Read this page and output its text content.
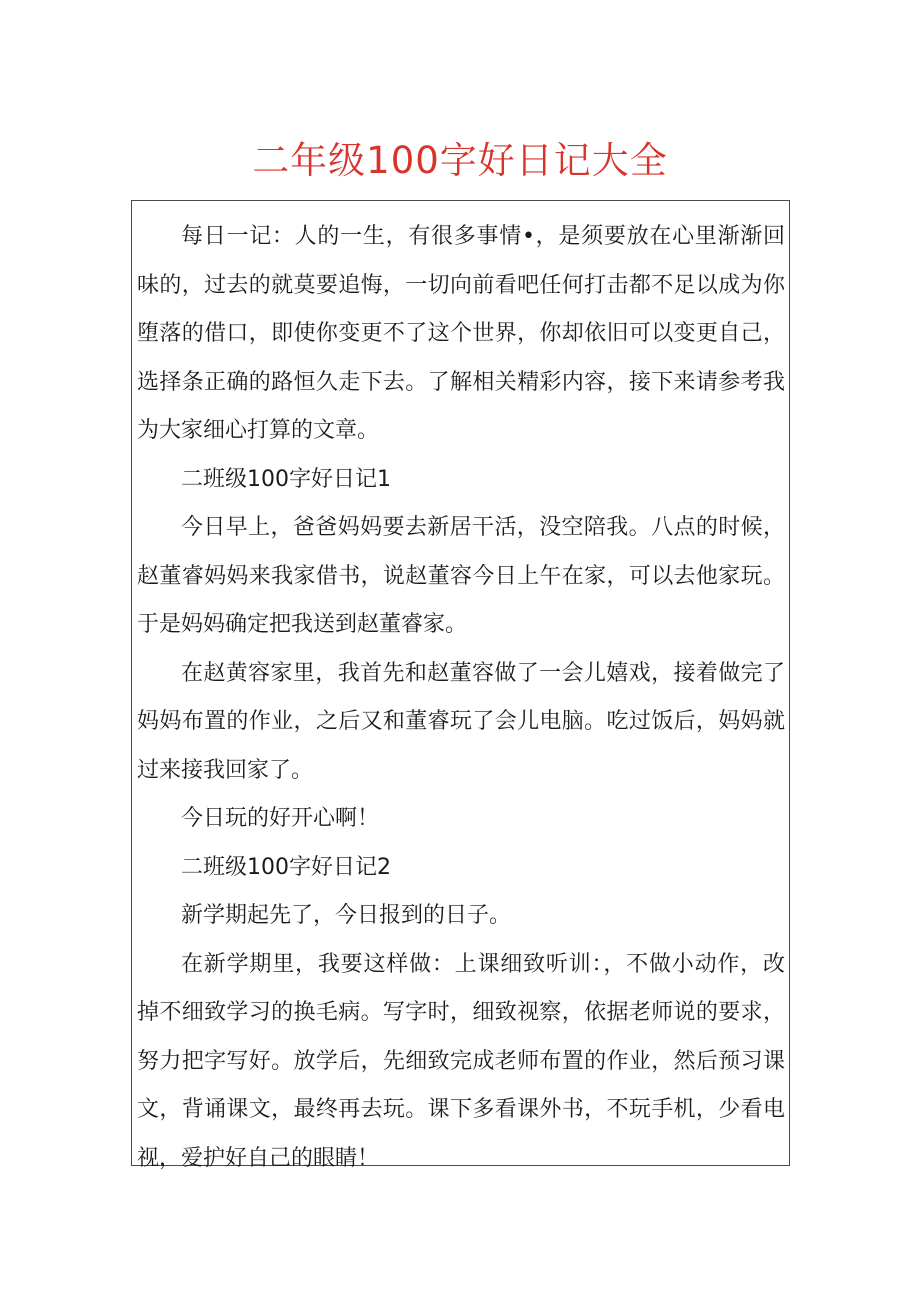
二年级100字好日记大全

每日一记：人的一生，有很多事情•，是须要放在心里渐渐回味的，过去的就莫要追悔，一切向前看吧任何打击都不足以成为你堕落的借口，即使你变更不了这个世界，你却依旧可以变更自己，选择条正确的路恒久走下去。了解相关精彩内容，接下来请参考我为大家细心打算的文章。

二班级100字好日记1

今日早上，爸爸妈妈要去新居干活，没空陪我。八点的时候，赵董睿妈妈来我家借书，说赵董容今日上午在家，可以去他家玩。于是妈妈确定把我送到赵董睿家。

在赵黄容家里，我首先和赵董容做了一会儿嬉戏，接着做完了妈妈布置的作业，之后又和董睿玩了会儿电脑。吃过饭后，妈妈就过来接我回家了。

今日玩的好开心啊！

二班级100字好日记2

新学期起先了，今日报到的日子。

在新学期里，我要这样做：上课细致听训：，不做小动作，改掉不细致学习的换毛病。写字时，细致视察，依据老师说的要求，努力把字写好。放学后，先细致完成老师布置的作业，然后预习课文，背诵课文，最终再去玩。课下多看课外书，不玩手机，少看电视，爱护好自己的眼睛！
